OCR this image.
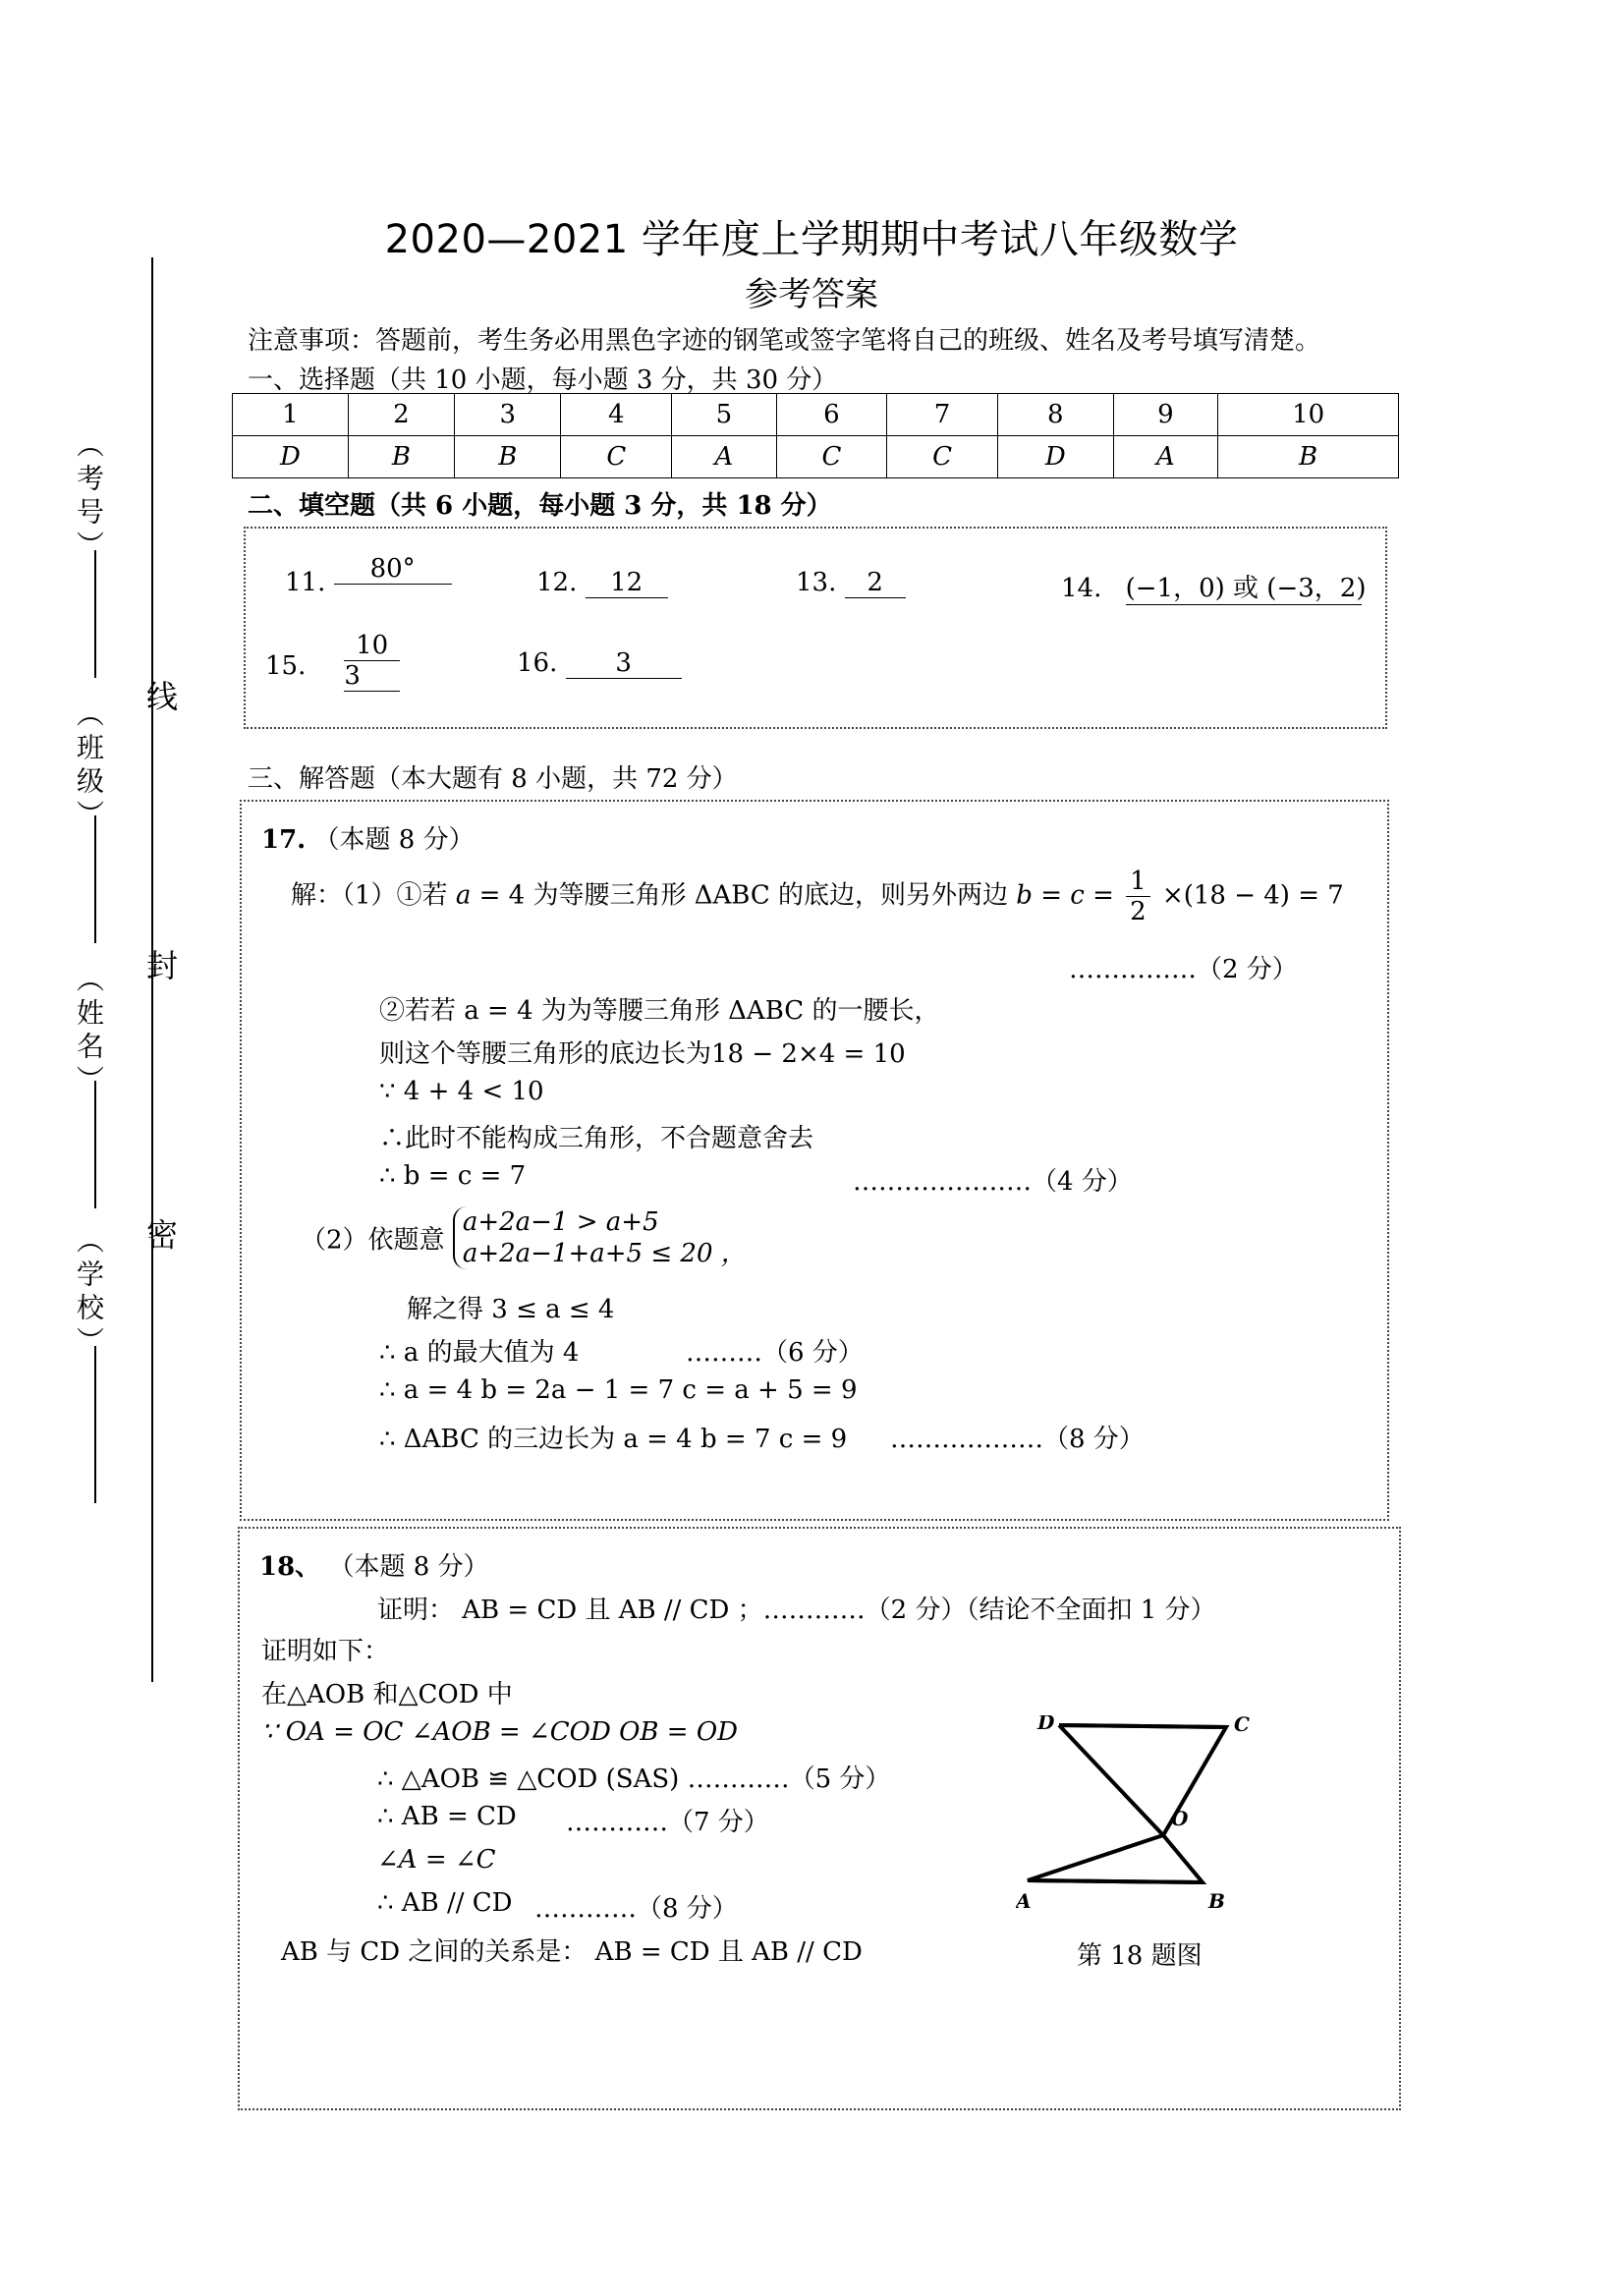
（考号）
（班级）
（姓名）
（学校）
线
封
密
2020—2021 学年度上学期期中考试八年级数学
参考答案
注意事项：答题前，考生务必用黑色字迹的钢笔或签字笔将自己的班级、姓名及考号填写清楚。
一、选择题（共 10 小题，每小题 3 分，共 30 分）
1	2	3	4	5	6	7	8	9	10
D	B	B	C	A	C	C	D	A	B
二、填空题（共 6 小题，每小题 3 分，共 18 分）
11. 80°	12. 12	13. 2	14. (−1，0) 或 (−3，2)
15. $\frac{10}{3}$	16. 3
三、解答题（本大题有 8 小题，共 72 分）
17. （本题 8 分）
解：（1）①若 a = 4 为等腰三角形 ΔABC 的底边，则另外两边 $b = c = \frac{1}{2} \times(18 - 4) = 7$
……………（2 分）
②若若 a = 4 为为等腰三角形 ΔABC 的一腰长，
则这个等腰三角形的底边长为18 − 2×4 = 10
∵ 4 + 4 < 10
∴此时不能构成三角形，不合题意舍去
∴ b = c = 7	…………………（4 分）
（2）依题意
a+2a−1 > a+5
a+2a−1+a+5 ≤ 20 ，
解之得 3 ≤ a ≤ 4
∴ a 的最大值为 4	………（6 分）
∴ a = 4 b = 2a − 1 = 7 c = a + 5 = 9
∴ ΔABC 的三边长为 a = 4 b = 7 c = 9 ………………（8 分）
18、 （本题 8 分）
证明： AB = CD 且 AB // CD ；…………（2 分）（结论不全面扣 1 分）
证明如下：
在△AOB 和△COD 中
∵ OA = OC ∠AOB = ∠COD OB = OD
∴ △AOB ≌ △COD (SAS) …………（5 分）
∴ AB = CD …………（7 分）
∠A = ∠C
∴ AB // CD …………（8 分）
AB 与 CD 之间的关系是： AB = CD 且 AB // CD
D	C
O
A	B
第 18 题图
